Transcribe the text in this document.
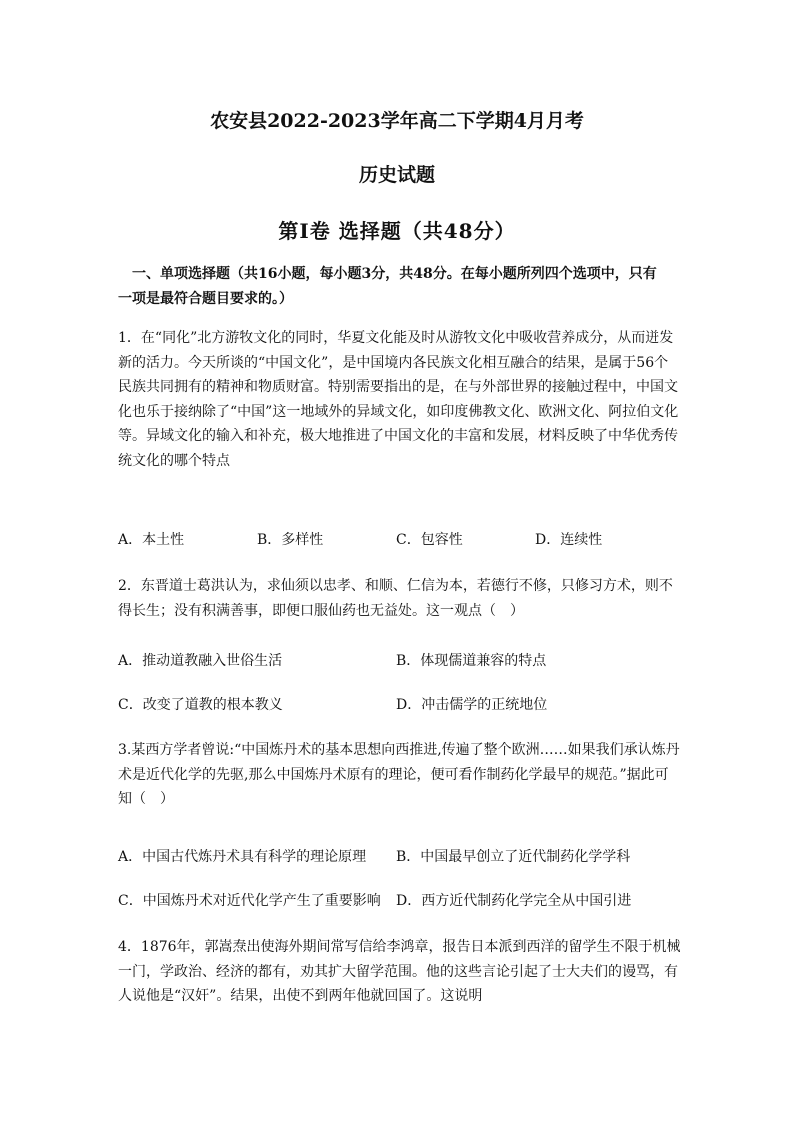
农安县2022-2023学年高二下学期4月月考
历史试题
第Ⅰ卷 选择题（共48分）
　一、单项选择题（共16小题，每小题3分，共48分。在每小题所列四个选项中，只有
一项是最符合题目要求的。）
1．在“同化”北方游牧文化的同时，华夏文化能及时从游牧文化中吸收营养成分，从而迸发
新的活力。今天所谈的“中国文化”，是中国境内各民族文化相互融合的结果，是属于56个
民族共同拥有的精神和物质财富。特别需要指出的是，在与外部世界的接触过程中，中国文
化也乐于接纳除了“中国”这一地域外的异域文化，如印度佛教文化、欧洲文化、阿拉伯文化
等。异域文化的输入和补充，极大地推进了中国文化的丰富和发展，材料反映了中华优秀传
统文化的哪个特点
A．本土性	B．多样性	C．包容性	D．连续性
2．东晋道士葛洪认为，求仙须以忠孝、和顺、仁信为本，若德行不修，只修习方术，则不
得长生；没有积满善事，即便口服仙药也无益处。这一观点（　）
A．推动道教融入世俗生活	B．体现儒道兼容的特点
C．改变了道教的根本教义	D．冲击儒学的正统地位
3.某西方学者曾说:“中国炼丹术的基本思想向西推进,传遍了整个欧洲……如果我们承认炼丹
术是近代化学的先驱,那么中国炼丹术原有的理论，便可看作制药化学最早的规范。”据此可
知（　）
A．中国古代炼丹术具有科学的理论原理 B．中国最早创立了近代制药化学学科
C．中国炼丹术对近代化学产生了重要影响 D．西方近代制药化学完全从中国引进
4．1876年，郭嵩焘出使海外期间常写信给李鸿章，报告日本派到西洋的留学生不限于机械
一门，学政治、经济的都有，劝其扩大留学范围。他的这些言论引起了士大夫们的谩骂，有
人说他是“汉奸”。结果，出使不到两年他就回国了。这说明
